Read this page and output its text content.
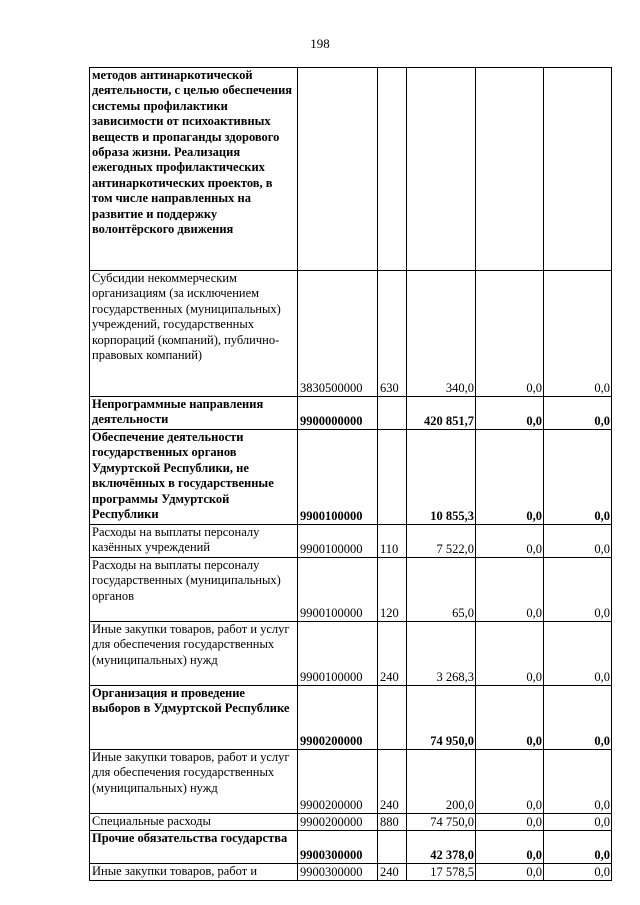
198
методов антинаркотической деятельности, с целью обеспечения системы профилактики зависимости от психоактивных веществ и пропаганды здорового образа жизни. Реализация ежегодных профилактических антинаркотических проектов, в том числе направленных на развитие и поддержку волонтёрского движения					
Субсидии некоммерческим организациям (за исключением государственных (муниципальных) учреждений, государственных корпораций (компаний), публично-правовых компаний)	3830500000	630	340,0	0,0	0,0
Непрограммные направления деятельности	9900000000		420 851,7	0,0	0,0
Обеспечение деятельности государственных органов Удмуртской Республики, не включённых в государственные программы Удмуртской Республики	9900100000		10 855,3	0,0	0,0
Расходы на выплаты персоналу казённых учреждений	9900100000	110	7 522,0	0,0	0,0
Расходы на выплаты персоналу государственных (муниципальных) органов	9900100000	120	65,0	0,0	0,0
Иные закупки товаров, работ и услуг для обеспечения государственных (муниципальных) нужд	9900100000	240	3 268,3	0,0	0,0
Организация и проведение выборов в Удмуртской Республике	9900200000		74 950,0	0,0	0,0
Иные закупки товаров, работ и услуг для обеспечения государственных (муниципальных) нужд	9900200000	240	200,0	0,0	0,0
Специальные расходы	9900200000	880	74 750,0	0,0	0,0
Прочие обязательства государства	9900300000		42 378,0	0,0	0,0
Иные закупки товаров, работ и	9900300000	240	17 578,5	0,0	0,0
